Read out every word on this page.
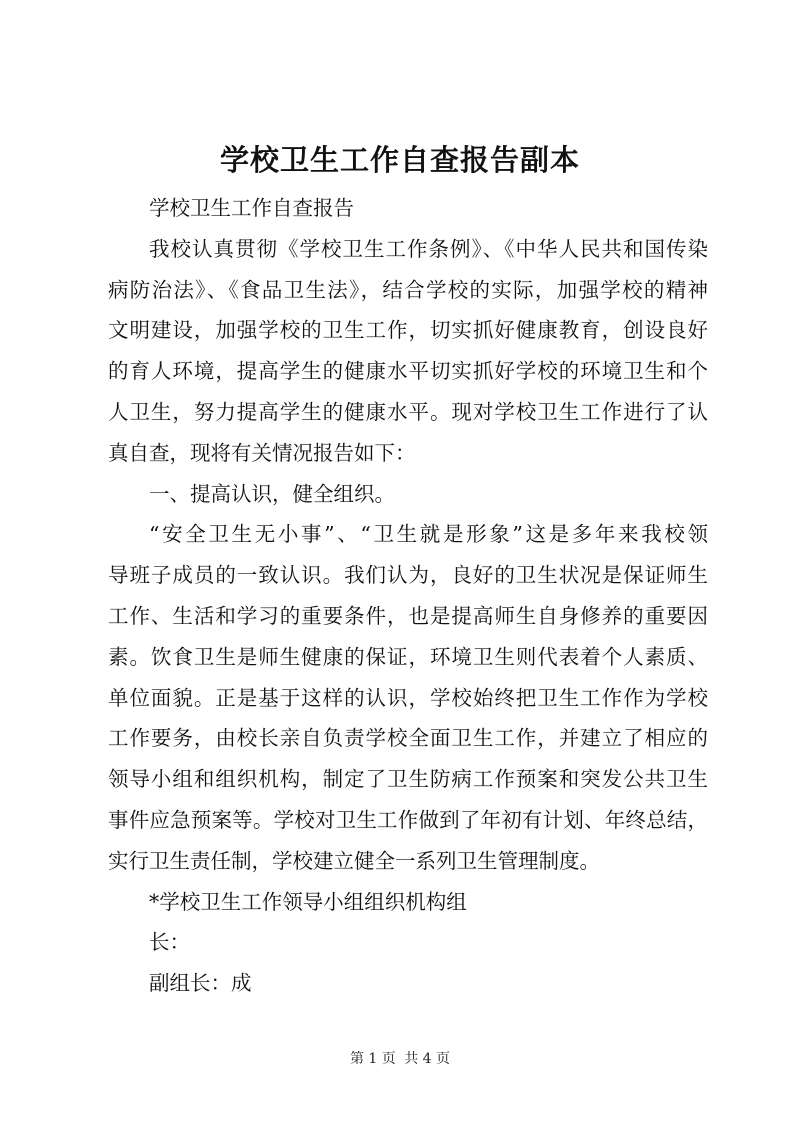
学校卫生工作自查报告副本
学校卫生工作自查报告
我校认真贯彻《学校卫生工作条例》、《中华人民共和国传染
病防治法》、《食品卫生法》，结合学校的实际，加强学校的精神
文明建设，加强学校的卫生工作，切实抓好健康教育，创设良好
的育人环境，提高学生的健康水平切实抓好学校的环境卫生和个
人卫生，努力提高学生的健康水平。现对学校卫生工作进行了认
真自查，现将有关情况报告如下：
一、提高认识，健全组织。
“安全卫生无小事”、“卫生就是形象”这是多年来我校领
导班子成员的一致认识。我们认为，良好的卫生状况是保证师生
工作、生活和学习的重要条件，也是提高师生自身修养的重要因
素。饮食卫生是师生健康的保证，环境卫生则代表着个人素质、
单位面貌。正是基于这样的认识，学校始终把卫生工作作为学校
工作要务，由校长亲自负责学校全面卫生工作，并建立了相应的
领导小组和组织机构，制定了卫生防病工作预案和突发公共卫生
事件应急预案等。学校对卫生工作做到了年初有计划、年终总结，
实行卫生责任制，学校建立健全一系列卫生管理制度。
*学校卫生工作领导小组组织机构组
长：
副组长：成
第 1 页 共 4 页
